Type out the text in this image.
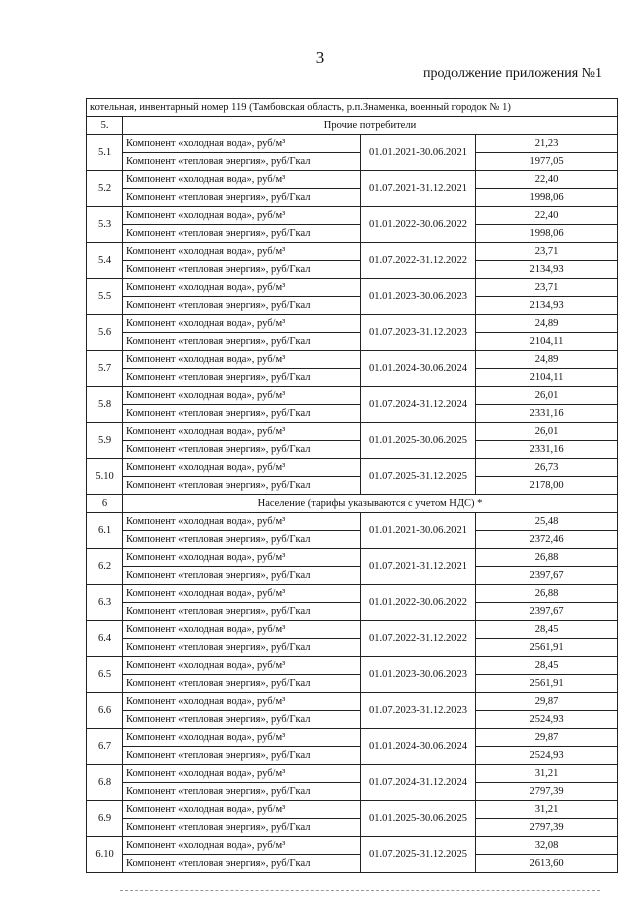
3
продолжение приложения №1
котельная, инвентарный номер 119 (Тамбовская область, р.п.Знаменка, военный городок № 1)			
5.	Прочие потребители		
5.1	Компонент «холодная вода», руб/м³	01.01.2021-30.06.2021	21,23
	Компонент «тепловая энергия», руб/Гкал		1977,05
5.2	Компонент «холодная вода», руб/м³	01.07.2021-31.12.2021	22,40
	Компонент «тепловая энергия», руб/Гкал		1998,06
5.3	Компонент «холодная вода», руб/м³	01.01.2022-30.06.2022	22,40
	Компонент «тепловая энергия», руб/Гкал		1998,06
5.4	Компонент «холодная вода», руб/м³	01.07.2022-31.12.2022	23,71
	Компонент «тепловая энергия», руб/Гкал		2134,93
5.5	Компонент «холодная вода», руб/м³	01.01.2023-30.06.2023	23,71
	Компонент «тепловая энергия», руб/Гкал		2134,93
5.6	Компонент «холодная вода», руб/м³	01.07.2023-31.12.2023	24,89
	Компонент «тепловая энергия», руб/Гкал		2104,11
5.7	Компонент «холодная вода», руб/м³	01.01.2024-30.06.2024	24,89
	Компонент «тепловая энергия», руб/Гкал		2104,11
5.8	Компонент «холодная вода», руб/м³	01.07.2024-31.12.2024	26,01
	Компонент «тепловая энергия», руб/Гкал		2331,16
5.9	Компонент «холодная вода», руб/м³	01.01.2025-30.06.2025	26,01
	Компонент «тепловая энергия», руб/Гкал		2331,16
5.10	Компонент «холодная вода», руб/м³	01.07.2025-31.12.2025	26,73
	Компонент «тепловая энергия», руб/Гкал		2178,00
6	Население (тарифы указываются с учетом НДС) *		
6.1	Компонент «холодная вода», руб/м³	01.01.2021-30.06.2021	25,48
	Компонент «тепловая энергия», руб/Гкал		2372,46
6.2	Компонент «холодная вода», руб/м³	01.07.2021-31.12.2021	26,88
	Компонент «тепловая энергия», руб/Гкал		2397,67
6.3	Компонент «холодная вода», руб/м³	01.01.2022-30.06.2022	26,88
	Компонент «тепловая энергия», руб/Гкал		2397,67
6.4	Компонент «холодная вода», руб/м³	01.07.2022-31.12.2022	28,45
	Компонент «тепловая энергия», руб/Гкал		2561,91
6.5	Компонент «холодная вода», руб/м³	01.01.2023-30.06.2023	28,45
	Компонент «тепловая энергия», руб/Гкал		2561,91
6.6	Компонент «холодная вода», руб/м³	01.07.2023-31.12.2023	29,87
	Компонент «тепловая энергия», руб/Гкал		2524,93
6.7	Компонент «холодная вода», руб/м³	01.01.2024-30.06.2024	29,87
	Компонент «тепловая энергия», руб/Гкал		2524,93
6.8	Компонент «холодная вода», руб/м³	01.07.2024-31.12.2024	31,21
	Компонент «тепловая энергия», руб/Гкал		2797,39
6.9	Компонент «холодная вода», руб/м³	01.01.2025-30.06.2025	31,21
	Компонент «тепловая энергия», руб/Гкал		2797,39
6.10	Компонент «холодная вода», руб/м³	01.07.2025-31.12.2025	32,08
	Компонент «тепловая энергия», руб/Гкал		2613,60
